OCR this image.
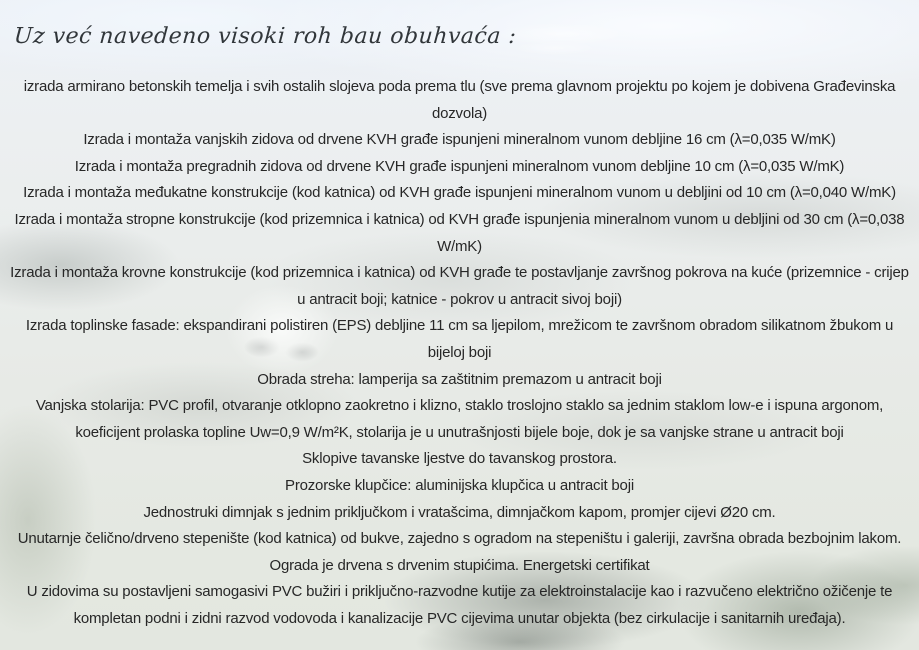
Uz već navedeno visoki roh bau obuhvaća :

izrada armirano betonskih temelja i svih ostalih slojeva poda prema tlu (sve prema glavnom projektu po kojem je dobivena Građevinska dozvola)

Izrada i montaža vanjskih zidova od drvene KVH građe ispunjeni mineralnom vunom debljine 16 cm (λ=0,035 W/mK)

Izrada i montaža pregradnih zidova od drvene KVH građe ispunjeni mineralnom vunom debljine 10 cm (λ=0,035 W/mK)

Izrada i montaža međukatne konstrukcije (kod katnica) od KVH građe ispunjeni mineralnom vunom u debljini od 10 cm (λ=0,040 W/mK)

Izrada i montaža stropne konstrukcije (kod prizemnica i katnica) od KVH građe ispunjenia mineralnom vunom u debljini od 30 cm (λ=0,038 W/mK)

Izrada i montaža krovne konstrukcije (kod prizemnica i katnica) od KVH građe te postavljanje završnog pokrova na kuće (prizemnice - crijep u antracit boji; katnice - pokrov u antracit sivoj boji)

Izrada toplinske fasade: ekspandirani polistiren (EPS) debljine 11 cm sa ljepilom, mrežicom te završnom obradom silikatnom žbukom u bijeloj boji

Obrada streha: lamperija sa zaštitnim premazom u antracit boji

Vanjska stolarija: PVC profil, otvaranje otklopno zaokretno i klizno, staklo troslojno staklo sa jednim staklom low-e i ispuna argonom, koeficijent prolaska topline Uw=0,9 W/m²K, stolarija je u unutrašnjosti bijele boje, dok je sa vanjske strane u antracit boji

Sklopive tavanske ljestve do tavanskog prostora.

Prozorske klupčice: aluminijska klupčica u antracit boji

Jednostruki dimnjak s jednim priključkom i vratašcima, dimnjačkom kapom, promjer cijevi Ø20 cm.

Unutarnje čelično/drveno stepenište (kod katnica) od bukve, zajedno s ogradom na stepeništu i galeriji, završna obrada bezbojnim lakom.

Ograda je drvena s drvenim stupićima. Energetski certifikat

U zidovima su postavljeni samogasivi PVC bužiri i priključno-razvodne kutije za elektroinstalacije kao i razvučeno električno ožičenje te kompletan podni i zidni razvod vodovoda i kanalizacije PVC cijevima unutar objekta (bez cirkulacije i sanitarnih uređaja).
